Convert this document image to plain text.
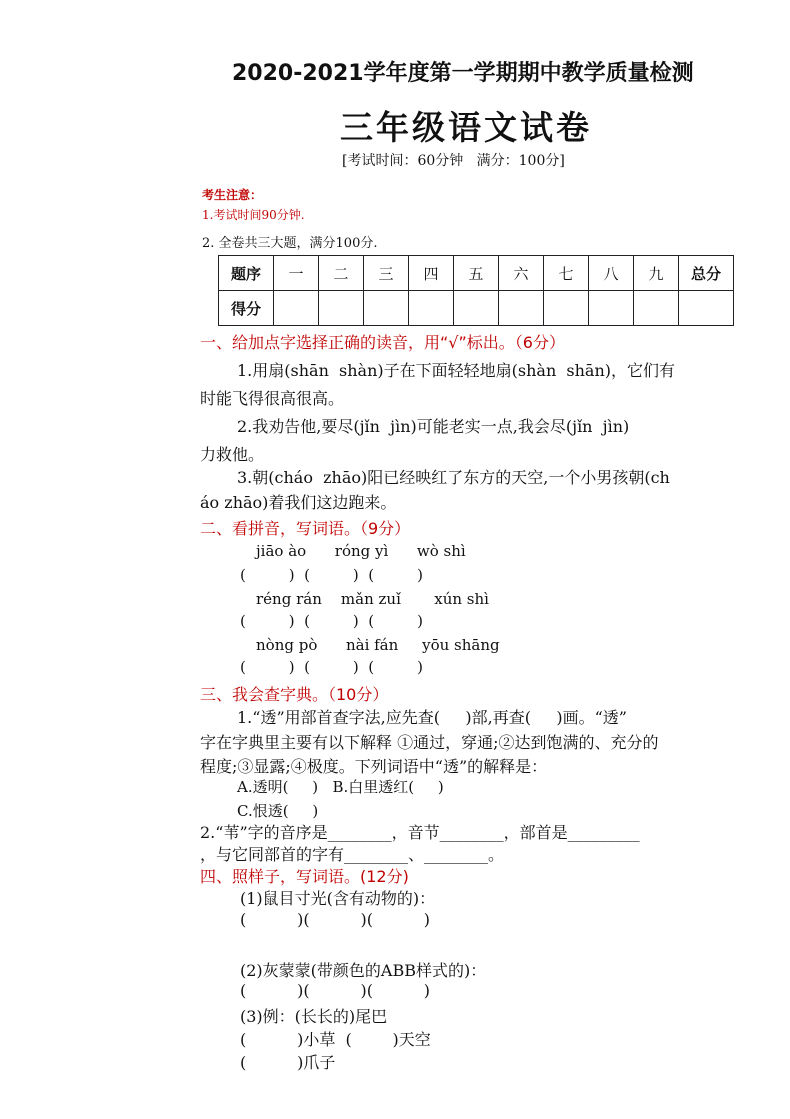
2020-2021学年度第一学期期中教学质量检测
三年级语文试卷
[考试时间：60分钟   满分：100分]
考生注意：
1.考试时间90分钟.
2. 全卷共三大题，满分100分.
题序	一	二	三	四	五	六	七	八	九	总分
得分										
一、给加点字选择正确的读音，用“√”标出。（6分）
1.用扇(shān  shàn)子在下面轻轻地扇(shàn  shān)，它们有
时能飞得很高很高。
2.我劝告他,要尽(jǐn  jìn)可能老实一点,我会尽(jǐn  jìn)
力救他。
3.朝(cháo  zhāo)阳已经映红了东方的天空,一个小男孩朝(ch
áo zhāo)着我们这边跑来。
二、看拼音，写词语。（9分）
jiāo ào      róng yì      wò shì
(         )  (         )  (         )
réng rán    mǎn zuǐ       xún shì
(         )  (         )  (         )
nòng pò      nài fán     yōu shāng
(         )  (         )  (         )
三、我会查字典。（10分）
1.“透”用部首查字法,应先查(     )部,再查(     )画。“透”
字在字典里主要有以下解释 ①通过，穿通;②达到饱满的、充分的
程度;③显露;④极度。下列词语中“透”的解释是：
A.透明(     )   B.白里透红(     )
C.恨透(     )
2.“苇”字的音序是________，音节________，部首是_________
，与它同部首的字有________、________。
四、照样子，写词语。(12分)
(1)鼠目寸光(含有动物的)：
(          )(          )(          )
(2)灰蒙蒙(带颜色的ABB样式的)：
(          )(          )(          )
(3)例：(长长的)尾巴
(          )小草  (        )天空
(          )爪子
